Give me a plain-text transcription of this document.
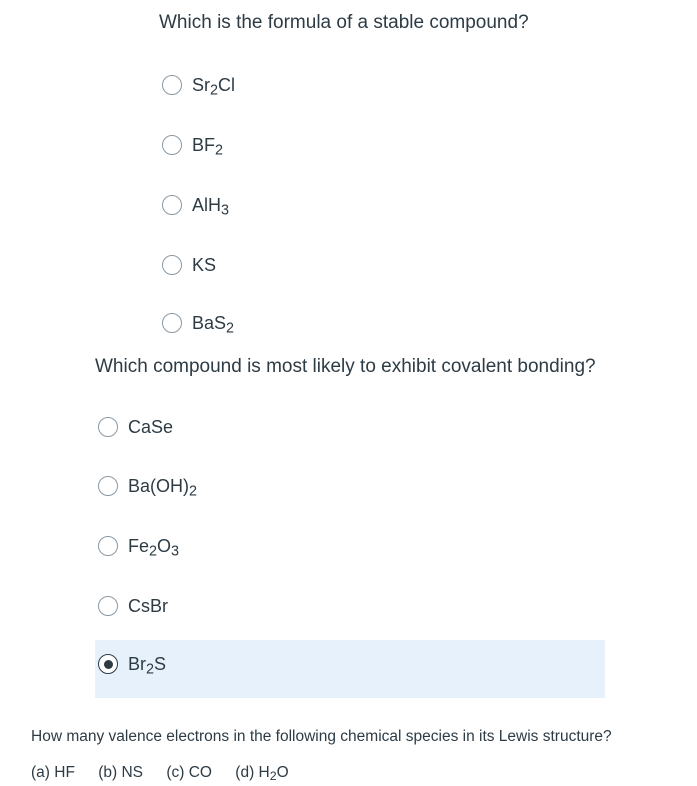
Which is the formula of a stable compound?
$Sr_2Cl$
$BF_2$
AlH$_3$
KS
BaS$_2$
Which compound is most likely to exhibit covalent bonding?
CaSe
$Ba(OH)_2$
$Fe_2O_3$
CsBr
$Br_2S$
How many valence electrons in the following chemical species in its Lewis structure?
(a) HF (b) NS (c) CO (d) $H_2O$
